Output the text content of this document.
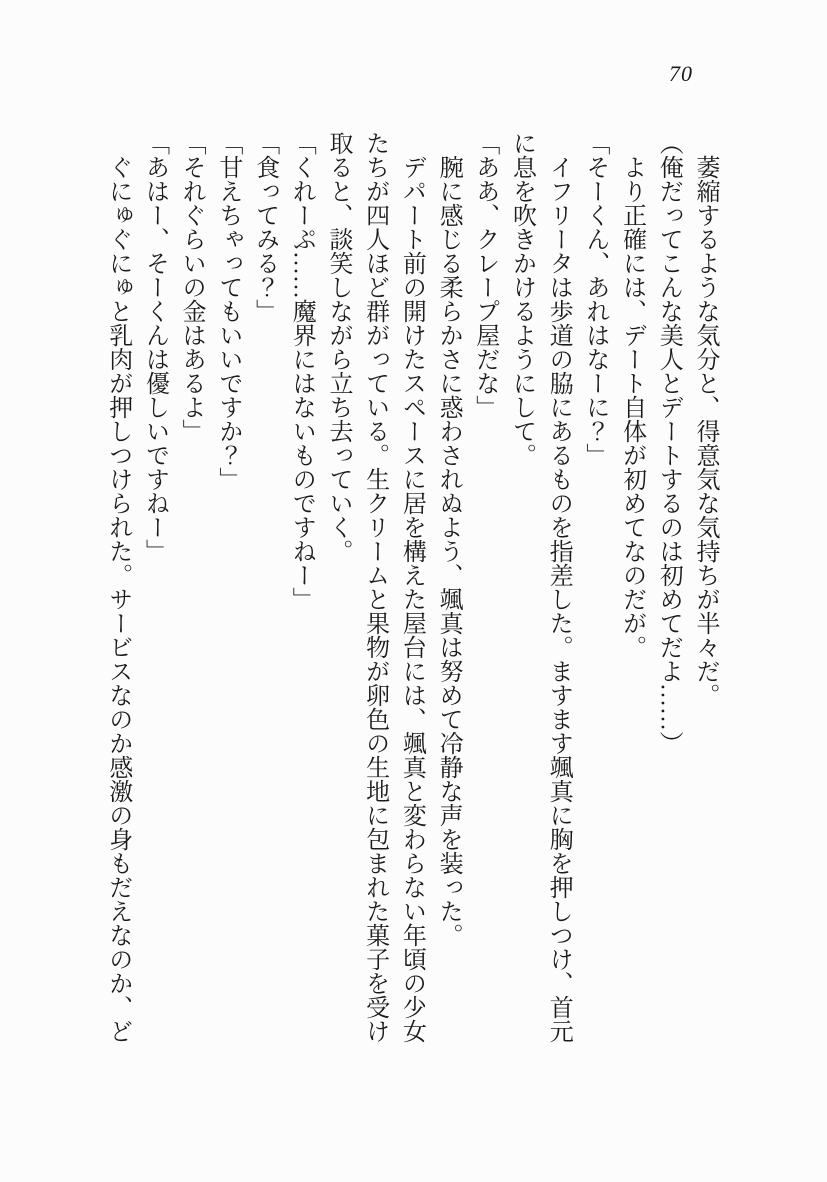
70

　萎縮するような気分と、得意気な気持ちが半々だ。

（俺だってこんな美人とデートするのは初めてだよ……）

　より正確には、デート自体が初めてなのだが。

「そーくん、あれはなーに？」

　イフリータは歩道の脇にあるものを指差した。ますます颯真に胸を押しつけ、首元

に息を吹きかけるようにして。

「ああ、クレープ屋だな」

　腕に感じる柔らかさに惑わされぬよう、颯真は努めて冷静な声を装った。

　デパート前の開けたスペースに居を構えた屋台には、颯真と変わらない年頃の少女

たちが四人ほど群がっている。生クリームと果物が卵色の生地に包まれた菓子を受け

取ると、談笑しながら立ち去っていく。

「くれーぷ……魔界にはないものですねー」

「食ってみる？」

「甘えちゃってもいいですか？」

「それぐらいの金はあるよ」

「あはー、そーくんは優しいですねー」

　ぐにゅぐにゅと乳肉が押しつけられた。サービスなのか感激の身もだえなのか、ど
